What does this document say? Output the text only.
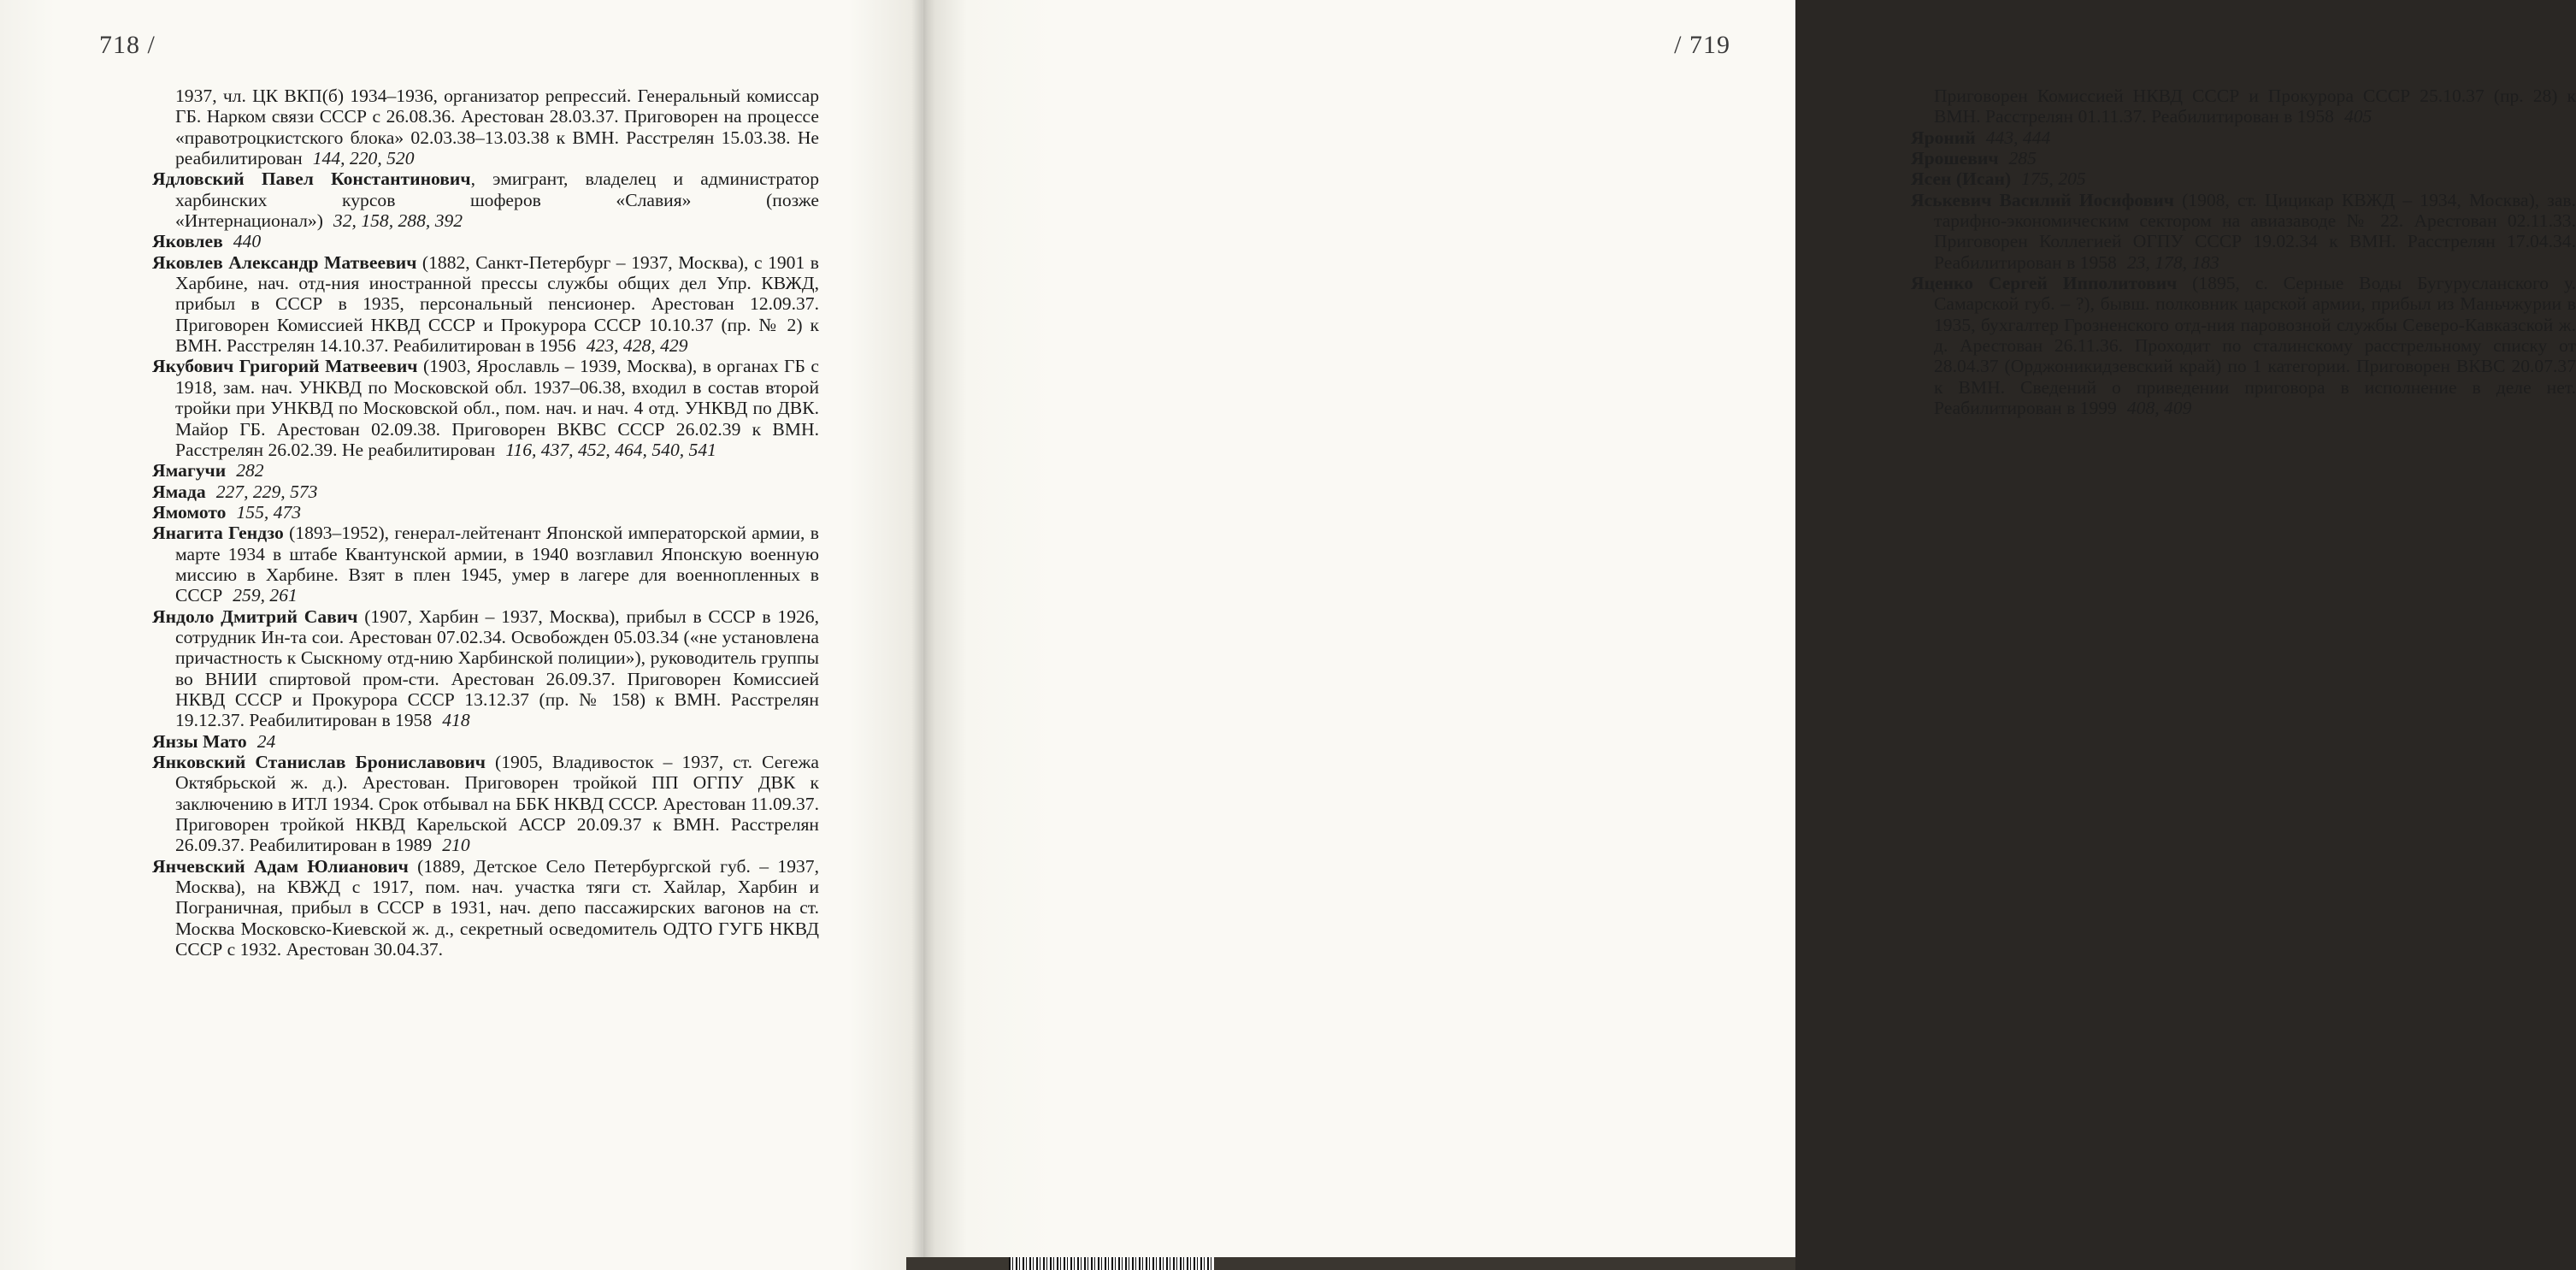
718 /

1937, чл. ЦК ВКП(б) 1934–1936, организатор репрессий. Генеральный комиссар ГБ. Нарком связи СССР с 26.08.36. Арестован 28.03.37. Приговорен на процессе «правотроцкистского блока» 02.03.38–13.03.38 к ВМН. Расстрелян 15.03.38. Не реабилитирован 144, 220, 520

Ядловский Павел Константинович, эмигрант, владелец и администратор харбинских курсов шоферов «Славия» (позже «Интернационал») 32, 158, 288, 392

Яковлев 440

Яковлев Александр Матвеевич (1882, Санкт-Петербург – 1937, Москва), с 1901 в Харбине, нач. отд-ния иностранной прессы службы общих дел Упр. КВЖД, прибыл в СССР в 1935, персональный пенсионер. Арестован 12.09.37. Приговорен Комиссией НКВД СССР и Прокурора СССР 10.10.37 (пр. № 2) к ВМН. Расстрелян 14.10.37. Реабилитирован в 1956 423, 428, 429

Якубович Григорий Матвеевич (1903, Ярославль – 1939, Москва), в органах ГБ с 1918, зам. нач. УНКВД по Московской обл. 1937–06.38, входил в состав второй тройки при УНКВД по Московской обл., пом. нач. и нач. 4 отд. УНКВД по ДВК. Майор ГБ. Арестован 02.09.38. Приговорен ВКВС СССР 26.02.39 к ВМН. Расстрелян 26.02.39. Не реабилитирован 116, 437, 452, 464, 540, 541

Ямагучи 282

Ямада 227, 229, 573

Ямомото 155, 473

Янагита Гендзо (1893–1952), генерал-лейтенант Японской императорской армии, в марте 1934 в штабе Квантунской армии, в 1940 возглавил Японскую военную миссию в Харбине. Взят в плен 1945, умер в лагере для военнопленных в СССР 259, 261

Яндоло Дмитрий Савич (1907, Харбин – 1937, Москва), прибыл в СССР в 1926, сотрудник Ин-та сои. Арестован 07.02.34. Освобожден 05.03.34 («не установлена причастность к Сыскному отд-нию Харбинской полиции»), руководитель группы во ВНИИ спиртовой пром-сти. Арестован 26.09.37. Приговорен Комиссией НКВД СССР и Прокурора СССР 13.12.37 (пр. № 158) к ВМН. Расстрелян 19.12.37. Реабилитирован в 1958 418

Янзы Мато 24

Янковский Станислав Брониславович (1905, Владивосток – 1937, ст. Сегежа Октябрьской ж. д.). Арестован. Приговорен тройкой ПП ОГПУ ДВК к заключению в ИТЛ 1934. Срок отбывал на ББК НКВД СССР. Арестован 11.09.37. Приговорен тройкой НКВД Карельской АССР 20.09.37 к ВМН. Расстрелян 26.09.37. Реабилитирован в 1989 210

Янчевский Адам Юлианович (1889, Детское Село Петербургской губ. – 1937, Москва), на КВЖД с 1917, пом. нач. участка тяги ст. Хайлар, Харбин и Пограничная, прибыл в СССР в 1931, нач. депо пассажирских вагонов на ст. Москва Московско-Киевской ж. д., секретный осведомитель ОДТО ГУГБ НКВД СССР с 1932. Арестован 30.04.37.

/ 719

Приговорен Комиссией НКВД СССР и Прокурора СССР 25.10.37 (пр. 28) к ВМН. Расстрелян 01.11.37. Реабилитирован в 1958 405

Яроний 443, 444

Ярошевич 285

Ясен (Исан) 175, 205

Яськевич Василий Иосифович (1908, ст. Цицикар КВЖД – 1934, Москва), зав. тарифно-экономическим сектором на авиазаводе № 22. Арестован 02.11.33. Приговорен Коллегией ОГПУ СССР 19.02.34 к ВМН. Расстрелян 17.04.34. Реабилитирован в 1958 23, 178, 183

Яценко Сергей Ипполитович (1895, с. Серные Воды Бугурусланского у. Самарской губ. – ?), бывш. полковник царской армии, прибыл из Маньчжурии в 1935, бухгалтер Грозненского отд-ния паровозной службы Северо-Кавказской ж. д. Арестован 26.11.36. Проходит по сталинскому расстрельному списку от 28.04.37 (Орджоникидзевский край) по 1 категории. Приговорен ВКВС 20.07.37 к ВМН. Сведений о приведении приговора в исполнение в деле нет. Реабилитирован в 1999 408, 409
